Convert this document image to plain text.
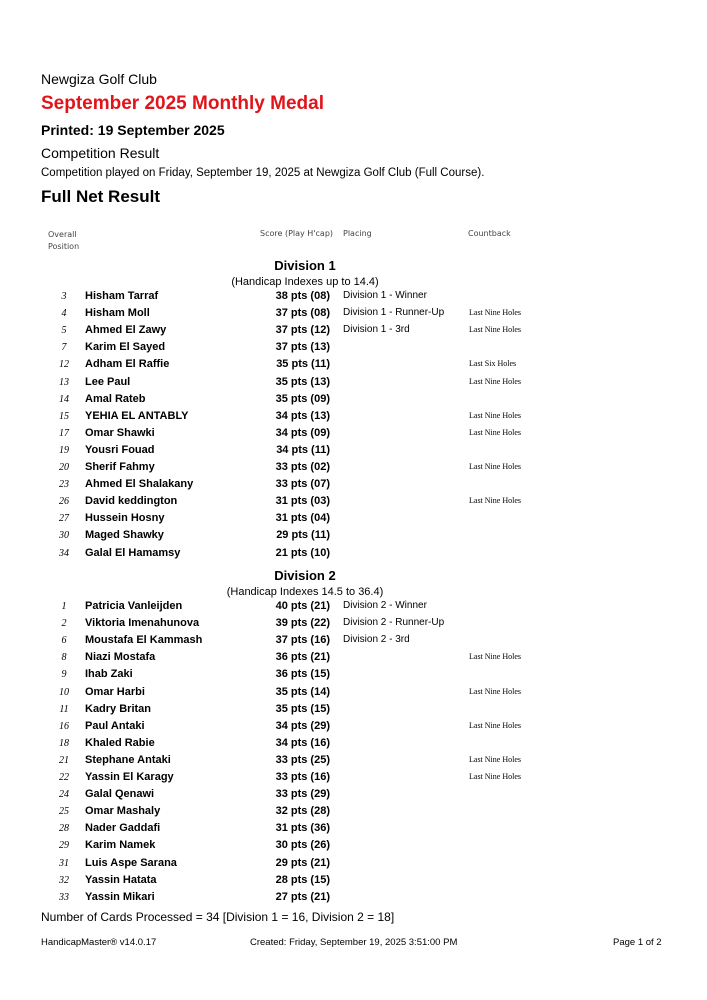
Newgiza Golf Club
September 2025 Monthly Medal
Printed: 19 September 2025
Competition Result
Competition played on Friday, September 19, 2025 at Newgiza Golf Club (Full Course).
Full Net Result
Overall Position
Score (Play H'cap) Placing	Countback
Division 1
(Handicap Indexes up to 14.4)
3	Hisham Tarraf	38 pts (08) Division 1 - Winner
4	Hisham Moll	37 pts (08) Division 1 - Runner-Up	Last Nine Holes
5	Ahmed El Zawy	37 pts (12) Division 1 - 3rd	Last Nine Holes
7	Karim El Sayed	37 pts (13)
12	Adham El Raffie	35 pts (11)	Last Six Holes
13	Lee Paul	35 pts (13)	Last Nine Holes
14	Amal Rateb	35 pts (09)
15	YEHIA EL ANTABLY	34 pts (13)	Last Nine Holes
17	Omar Shawki	34 pts (09)	Last Nine Holes
19	Yousri Fouad	34 pts (11)
20	Sherif Fahmy	33 pts (02)	Last Nine Holes
23	Ahmed El Shalakany	33 pts (07)
26	David keddington	31 pts (03)	Last Nine Holes
27	Hussein Hosny	31 pts (04)
30	Maged Shawky	29 pts (11)
34	Galal El Hamamsy	21 pts (10)
Division 2
(Handicap Indexes 14.5 to 36.4)
1	Patricia Vanleijden	40 pts (21) Division 2 - Winner
2	Viktoria Imenahunova	39 pts (22) Division 2 - Runner-Up
6	Moustafa El Kammash	37 pts (16) Division 2 - 3rd
8	Niazi Mostafa	36 pts (21)	Last Nine Holes
9	Ihab Zaki	36 pts (15)
10	Omar Harbi	35 pts (14)	Last Nine Holes
11	Kadry Britan	35 pts (15)
16	Paul Antaki	34 pts (29)	Last Nine Holes
18	Khaled Rabie	34 pts (16)
21	Stephane Antaki	33 pts (25)	Last Nine Holes
22	Yassin El Karagy	33 pts (16)	Last Nine Holes
24	Galal Qenawi	33 pts (29)
25	Omar Mashaly	32 pts (28)
28	Nader Gaddafi	31 pts (36)
29	Karim Namek	30 pts (26)
31	Luis Aspe Sarana	29 pts (21)
32	Yassin Hatata	28 pts (15)
33	Yassin Mikari	27 pts (21)
Number of Cards Processed = 34 [Division 1 = 16, Division 2 = 18]
HandicapMaster® v14.0.17	Created: Friday, September 19, 2025 3:51:00 PM	Page 1 of 2
